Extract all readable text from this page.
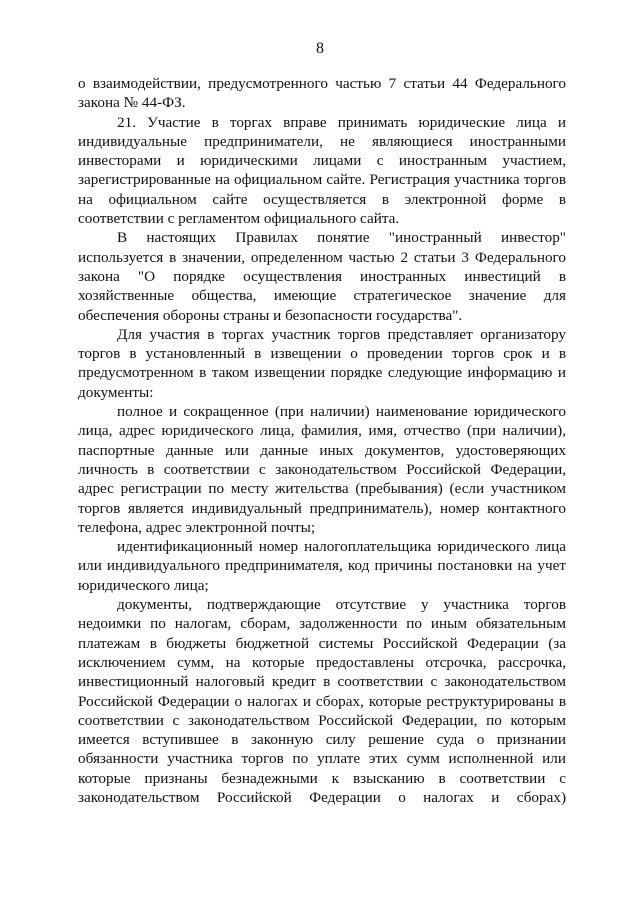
8

о взаимодействии, предусмотренного частью 7 статьи 44 Федерального закона № 44-ФЗ.

21. Участие в торгах вправе принимать юридические лица и индивидуальные предприниматели, не являющиеся иностранными инвесторами и юридическими лицами с иностранным участием, зарегистрированные на официальном сайте. Регистрация участника торгов на официальном сайте осуществляется в электронной форме в соответствии с регламентом официального сайта.

В настоящих Правилах понятие "иностранный инвестор" используется в значении, определенном частью 2 статьи 3 Федерального закона "О порядке осуществления иностранных инвестиций в хозяйственные общества, имеющие стратегическое значение для обеспечения обороны страны и безопасности государства".

Для участия в торгах участник торгов представляет организатору торгов в установленный в извещении о проведении торгов срок и в предусмотренном в таком извещении порядке следующие информацию и документы:

полное и сокращенное (при наличии) наименование юридического лица, адрес юридического лица, фамилия, имя, отчество (при наличии), паспортные данные или данные иных документов, удостоверяющих личность в соответствии с законодательством Российской Федерации, адрес регистрации по месту жительства (пребывания) (если участником торгов является индивидуальный предприниматель), номер контактного телефона, адрес электронной почты;

идентификационный номер налогоплательщика юридического лица или индивидуального предпринимателя, код причины постановки на учет юридического лица;

документы, подтверждающие отсутствие у участника торгов недоимки по налогам, сборам, задолженности по иным обязательным платежам в бюджеты бюджетной системы Российской Федерации (за исключением сумм, на которые предоставлены отсрочка, рассрочка, инвестиционный налоговый кредит в соответствии с законодательством Российской Федерации о налогах и сборах, которые реструктурированы в соответствии с законодательством Российской Федерации, по которым имеется вступившее в законную силу решение суда о признании обязанности участника торгов по уплате этих сумм исполненной или которые признаны безнадежными к взысканию в соответствии с законодательством Российской Федерации о налогах и сборах)
